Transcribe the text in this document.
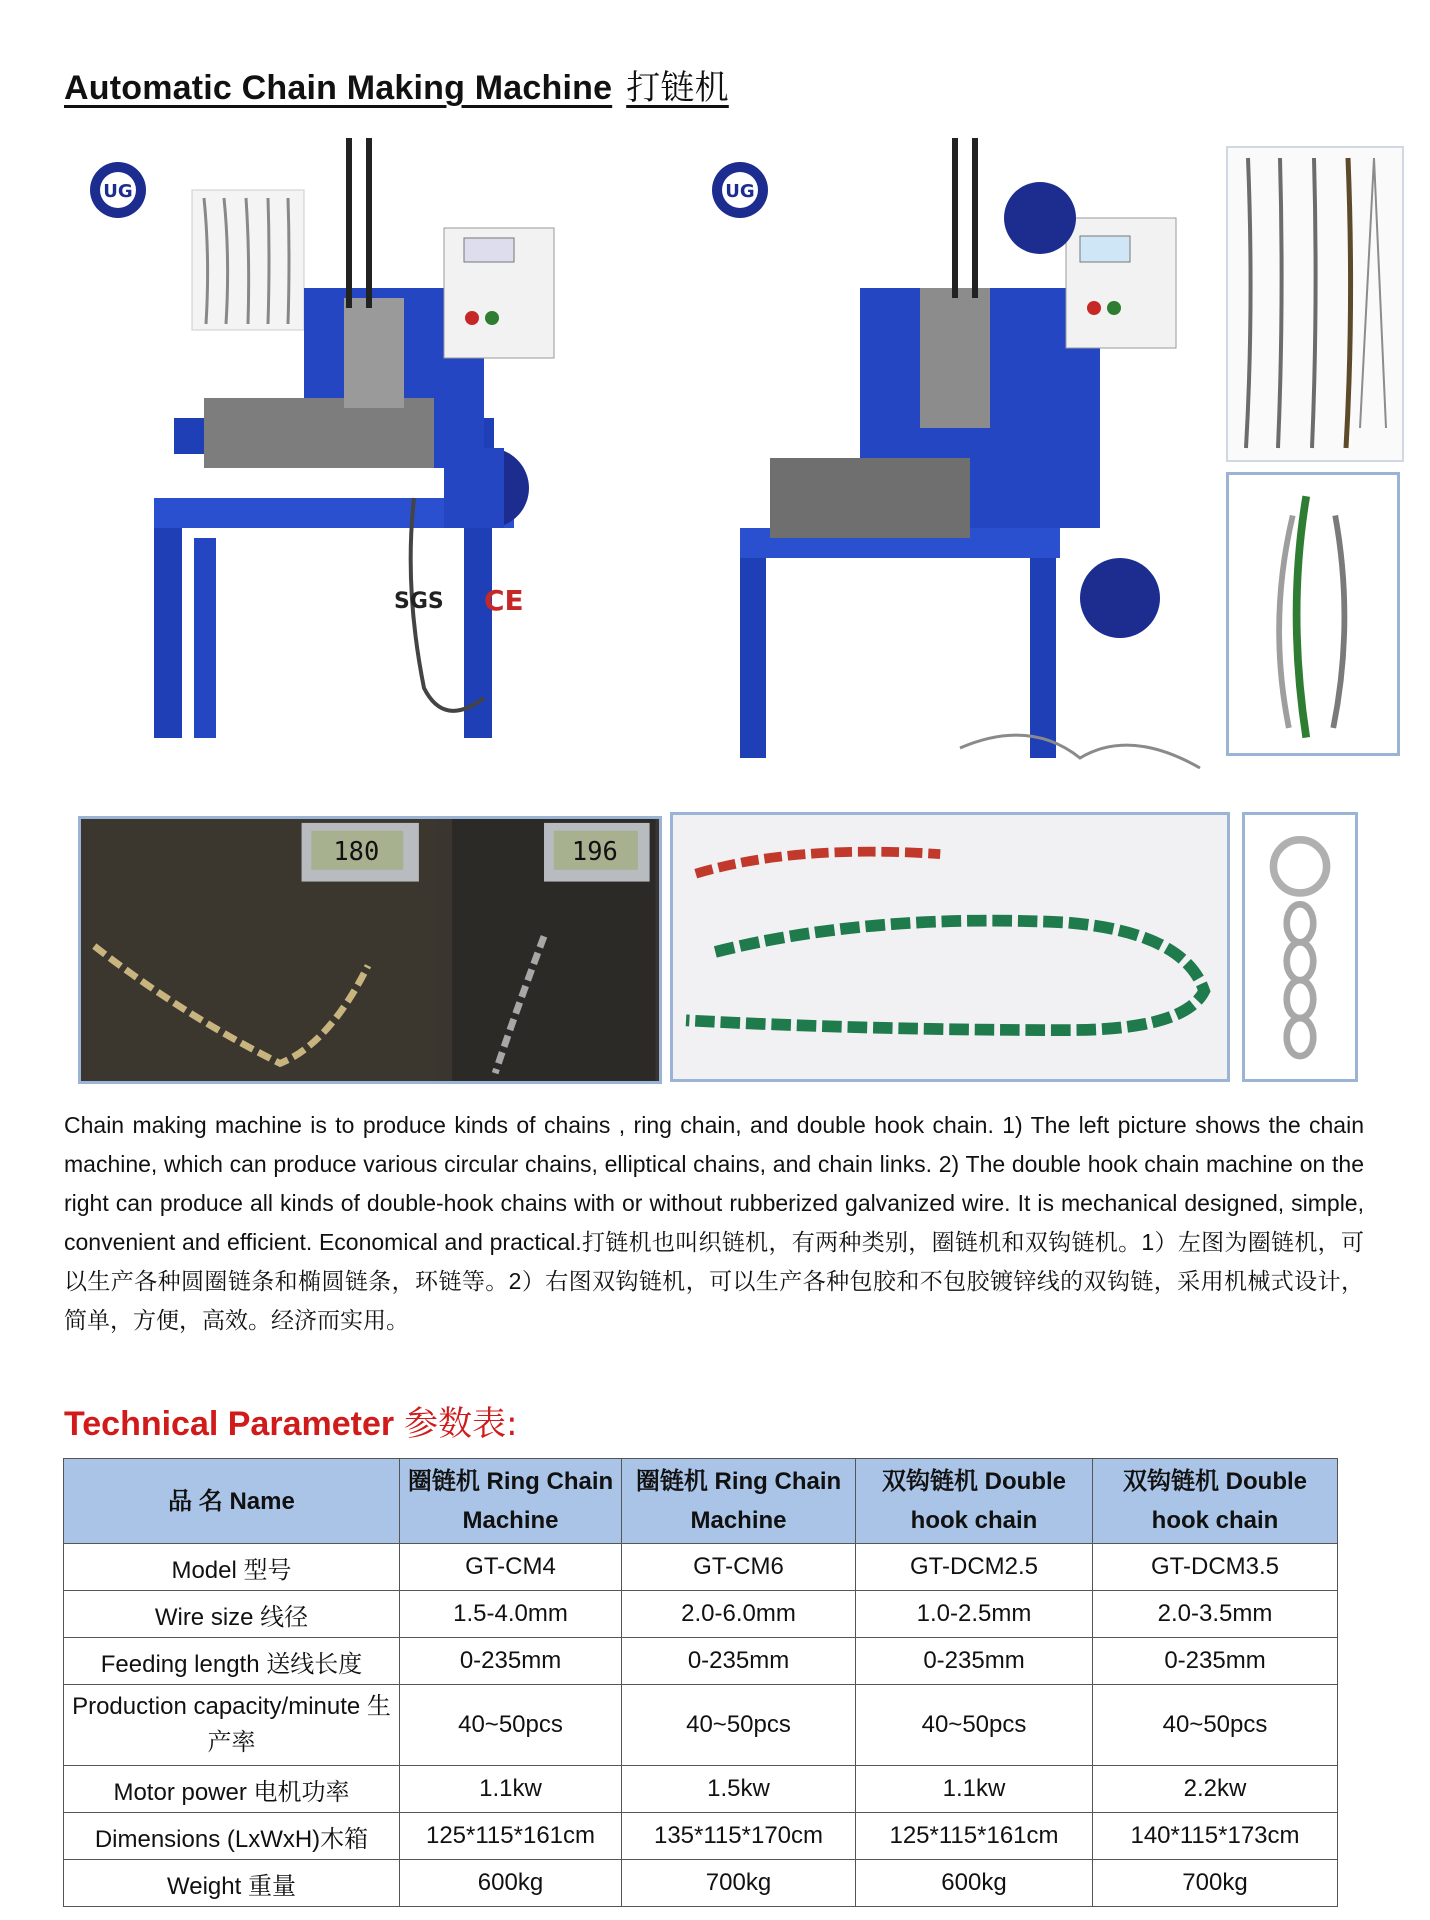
Automatic Chain Making Machine 打链机
UG
SGS CE
UG
180	196
Chain making machine is to produce kinds of chains , ring chain, and double hook chain. 1) The left picture shows the chain machine, which can produce various circular chains, elliptical chains, and chain links. 2) The double hook chain machine on the right can produce all kinds of double-hook chains with or without rubberized galvanized wire. It is mechanical designed, simple, convenient and efficient. Economical and practical.打链机也叫织链机，有两种类别，圈链机和双钩链机。1）左图为圈链机，可以生产各种圆圈链条和椭圆链条，环链等。2）右图双钩链机，可以生产各种包胶和不包胶镀锌线的双钩链，采用机械式设计，简单，方便，高效。经济而实用。
Technical Parameter 参数表:
品 名 Name	圈链机 Ring Chain Machine	圈链机 Ring Chain Machine	双钩链机 Double hook chain	双钩链机 Double hook chain
Model 型号	GT-CM4	GT-CM6	GT-DCM2.5	GT-DCM3.5
Wire size 线径	1.5-4.0mm	2.0-6.0mm	1.0-2.5mm	2.0-3.5mm
Feeding length 送线长度	0-235mm	0-235mm	0-235mm	0-235mm
Production capacity/minute 生产率	40~50pcs	40~50pcs	40~50pcs	40~50pcs
Motor power 电机功率	1.1kw	1.5kw	1.1kw	2.2kw
Dimensions (LxWxH)木箱	125*115*161cm	135*115*170cm	125*115*161cm	140*115*173cm
Weight 重量	600kg	700kg	600kg	700kg
